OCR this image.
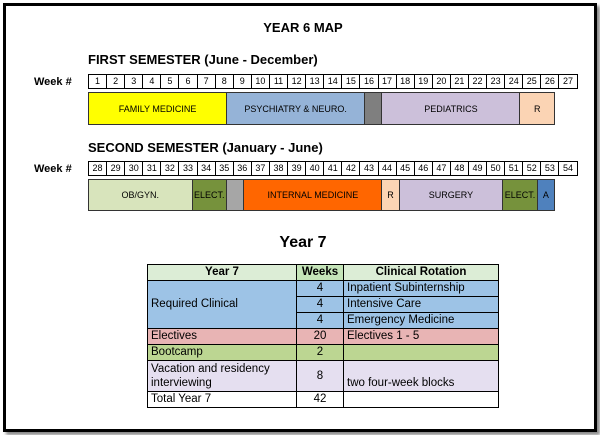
YEAR 6 MAP
FIRST SEMESTER (June - December)
Week #	1	2	3	4	5	6	7	8	9	10 11 12 13 14 15 16 17 18 19 20 21 22 23 24 25 26 27
FAMILY MEDICINE	PSYCHIATRY & NEURO.	PEDIATRICS	R
SECOND SEMESTER (January - June)
Week #	28 29 30 31 32 33 34 35 36 37 38 39 40 41 42 43 44 45 46 47 48 49 50 51 52 53 54
OB/GYN.	ELECT.	INTERNAL MEDICINE	R	SURGERY	ELECT. A
Year 7
Year 7	Weeks	Clinical Rotation
Required Clinical	4	Inpatient Subinternship
	4	Intensive Care
	4	Emergency Medicine
Electives	20	Electives 1 - 5
Bootcamp	2	
Vacation and residency interviewing	8	two four-week blocks
Total Year 7	42	
